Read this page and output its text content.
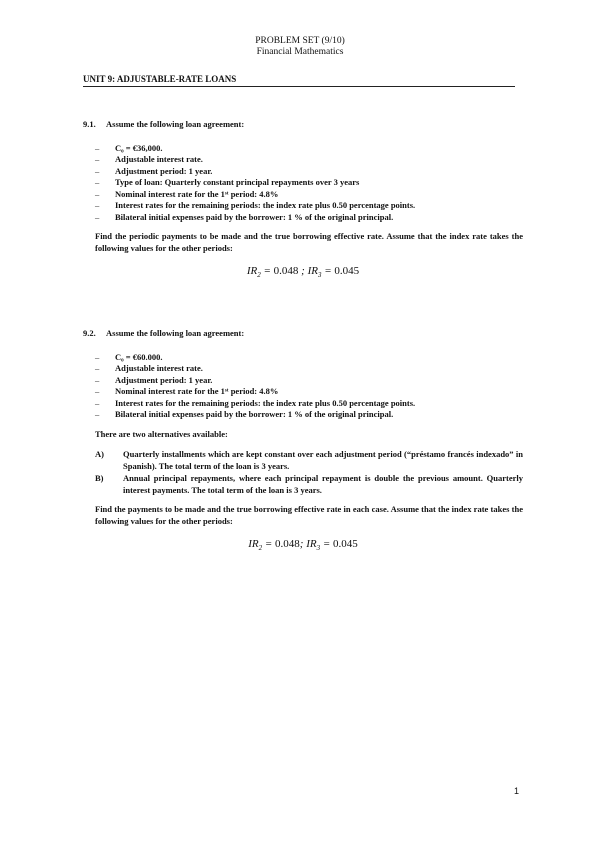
PROBLEM SET (9/10)
Financial Mathematics
UNIT 9: ADJUSTABLE-RATE LOANS
9.1.	Assume the following loan agreement:
–	C₀ = €36,000.
–	Adjustable interest rate.
–	Adjustment period: 1 year.
–	Type of loan: Quarterly constant principal repayments over 3 years
–	Nominal interest rate for the 1ˢᵗ period: 4.8%
–	Interest rates for the remaining periods: the index rate plus 0.50 percentage points.
–	Bilateral initial expenses paid by the borrower: 1 % of the original principal.
Find the periodic payments to be made and the true borrowing effective rate. Assume that the index rate takes the following values for the other periods:
$IR_2 = 0.048$ ; $IR_3 = 0.045$
9.2.	Assume the following loan agreement:
–	C₀ = €60.000.
–	Adjustable interest rate.
–	Adjustment period: 1 year.
–	Nominal interest rate for the 1ˢᵗ period: 4.8%
–	Interest rates for the remaining periods: the index rate plus 0.50 percentage points.
–	Bilateral initial expenses paid by the borrower: 1 % of the original principal.
There are two alternatives available:
A)	Quarterly installments which are kept constant over each adjustment period (“préstamo francés indexado” in Spanish). The total term of the loan is 3 years.
B)	Annual principal repayments, where each principal repayment is double the previous amount. Quarterly interest payments. The total term of the loan is 3 years.
Find the payments to be made and the true borrowing effective rate in each case. Assume that the index rate takes the following values for the other periods:
$IR_2 = 0.048$; $IR_3 = 0.045$
1
